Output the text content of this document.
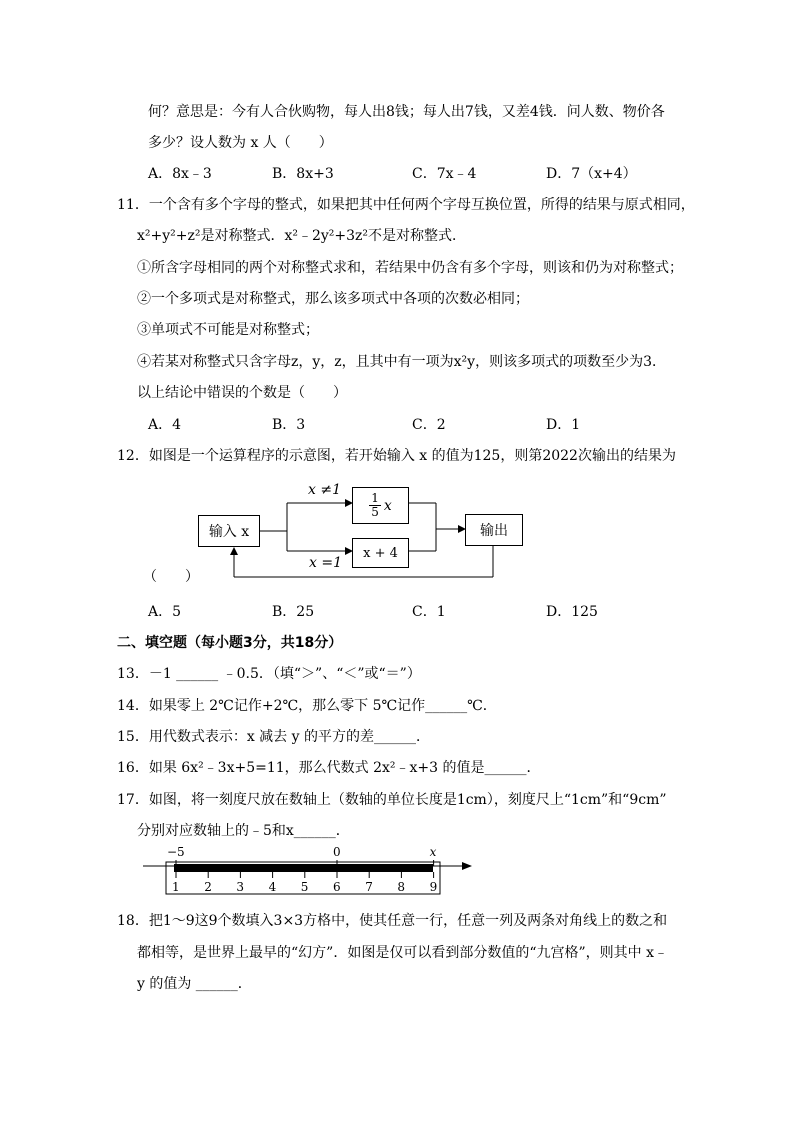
何？意思是：今有人合伙购物，每人出8钱；每人出7钱，又差4钱．问人数、物价各
多少？设人数为 x 人（　　）
A．8x﹣3	B．8x+3	C．7x﹣4	D．7（x+4）
11．一个含有多个字母的整式，如果把其中任何两个字母互换位置，所得的结果与原式相同，
x²+y²+z²是对称整式．x²﹣2y²+3z²不是对称整式．
①所含字母相同的两个对称整式求和，若结果中仍含有多个字母，则该和仍为对称整式；
②一个多项式是对称整式，那么该多项式中各项的次数必相同；
③单项式不可能是对称整式；
④若某对称整式只含字母z，y，z，且其中有一项为x²y，则该多项式的项数至少为3．
以上结论中错误的个数是（　　）
A．4	B．3	C．2	D．1
12．如图是一个运算程序的示意图，若开始输入 x 的值为125，则第2022次输出的结果为
输入 x
x ≠1
$\frac{1}{5}$ x
x =1
x + 4
输出
（　　）
A．5	B．25	C．1	D．125
二、填空题（每小题3分，共18分）
13．－1 ______ ﹣0.5．（填“＞”、“＜”或“＝”）
14．如果零上 2℃记作+2℃，那么零下 5℃记作______℃．
15．用代数式表示：x 减去 y 的平方的差______．
16．如果 6x²﹣3x+5=11，那么代数式 2x²﹣x+3 的值是______．
17．如图，将一刻度尺放在数轴上（数轴的单位长度是1cm），刻度尺上“1cm”和“9cm”
分别对应数轴上的﹣5和x______．
−5	0	x
1 2 3 4 5 6 7 8 9
18．把1～9这9个数填入3×3方格中，使其任意一行，任意一列及两条对角线上的数之和
都相等，是世界上最早的“幻方”．如图是仅可以看到部分数值的“九宫格”，则其中 x﹣
y 的值为 ______．
